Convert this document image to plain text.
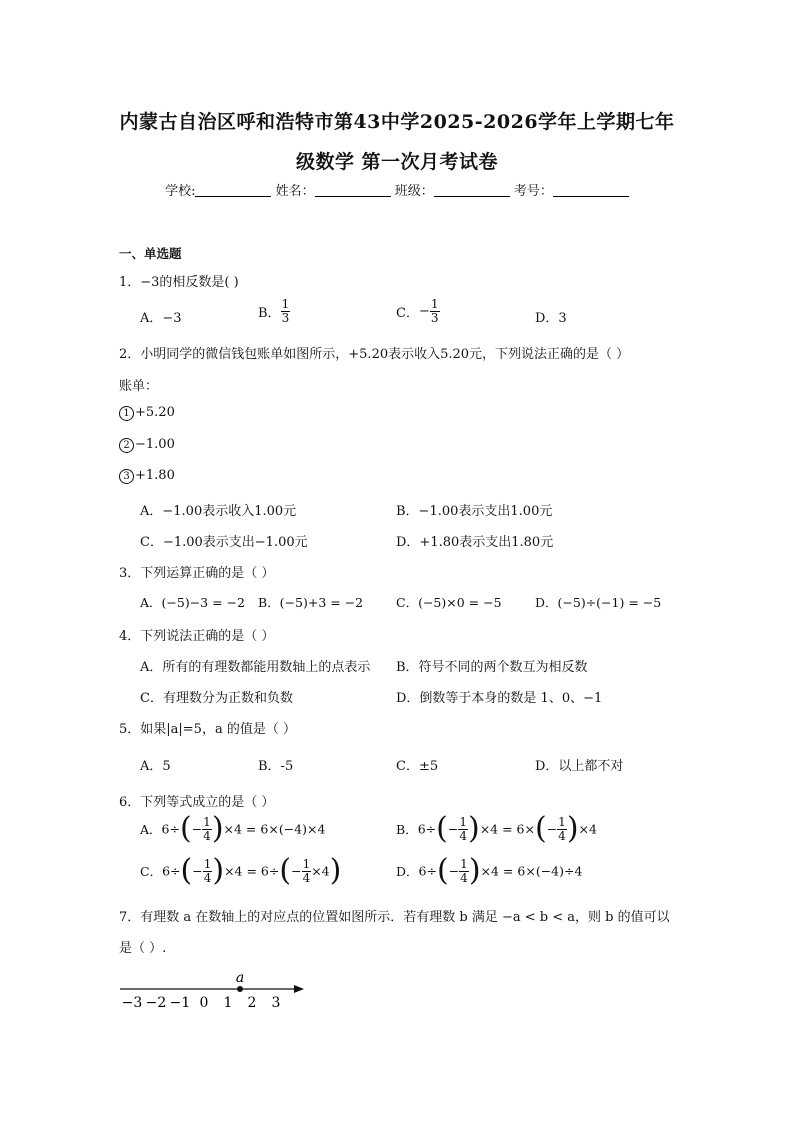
内蒙古自治区呼和浩特市第43中学2025-2026学年上学期七年
级数学 第一次月考试卷
学校:	姓名：	班级：	考号：
一、单选题
1．−3的相反数是( )
A．−3	B． $\frac{1}{3}$	C．− $\frac{1}{3}$	D．3
2．小明同学的微信钱包账单如图所示，+5.20表示收入5.20元，下列说法正确的是（ ）
账单：
1 +5.20
2 −1.00
3 +1.80
A．−1.00表示收入1.00元	B．−1.00表示支出1.00元
C．−1.00表示支出−1.00元	D．+1.80表示支出1.80元
3．下列运算正确的是（ ）
A．(−5)−3 = −2 B．(−5)+3 = −2	C．(−5)×0 = −5	D．(−5)÷(−1) = −5
4．下列说法正确的是（ ）
A．所有的有理数都能用数轴上的点表示 B．符号不同的两个数互为相反数
C．有理数分为正数和负数	D．倒数等于本身的数是 1、0、−1
5．如果|a|=5，a 的值是（ ）
A．5	B．-5	C．±5	D．以上都不对
6．下列等式成立的是（ ）
A．$6\div(- \frac{1}{4} )\times 4 = 6\times(-4)\times 4$	B．$6\div(- \frac{1}{4} )\times 4 = 6\times(- \frac{1}{4} )\times 4$
C．$6\div(- \frac{1}{4} )\times 4 = 6\div(- \frac{1}{4} \times 4)$	D．$6\div(- \frac{1}{4} )\times 4 = 6\times(-4)\div 4$
7．有理数 a 在数轴上的对应点的位置如图所示．若有理数 b 满足 −a < b < a，则 b 的值可以
是（ ）.
−3 −2 −1 0 1 2 3
a
